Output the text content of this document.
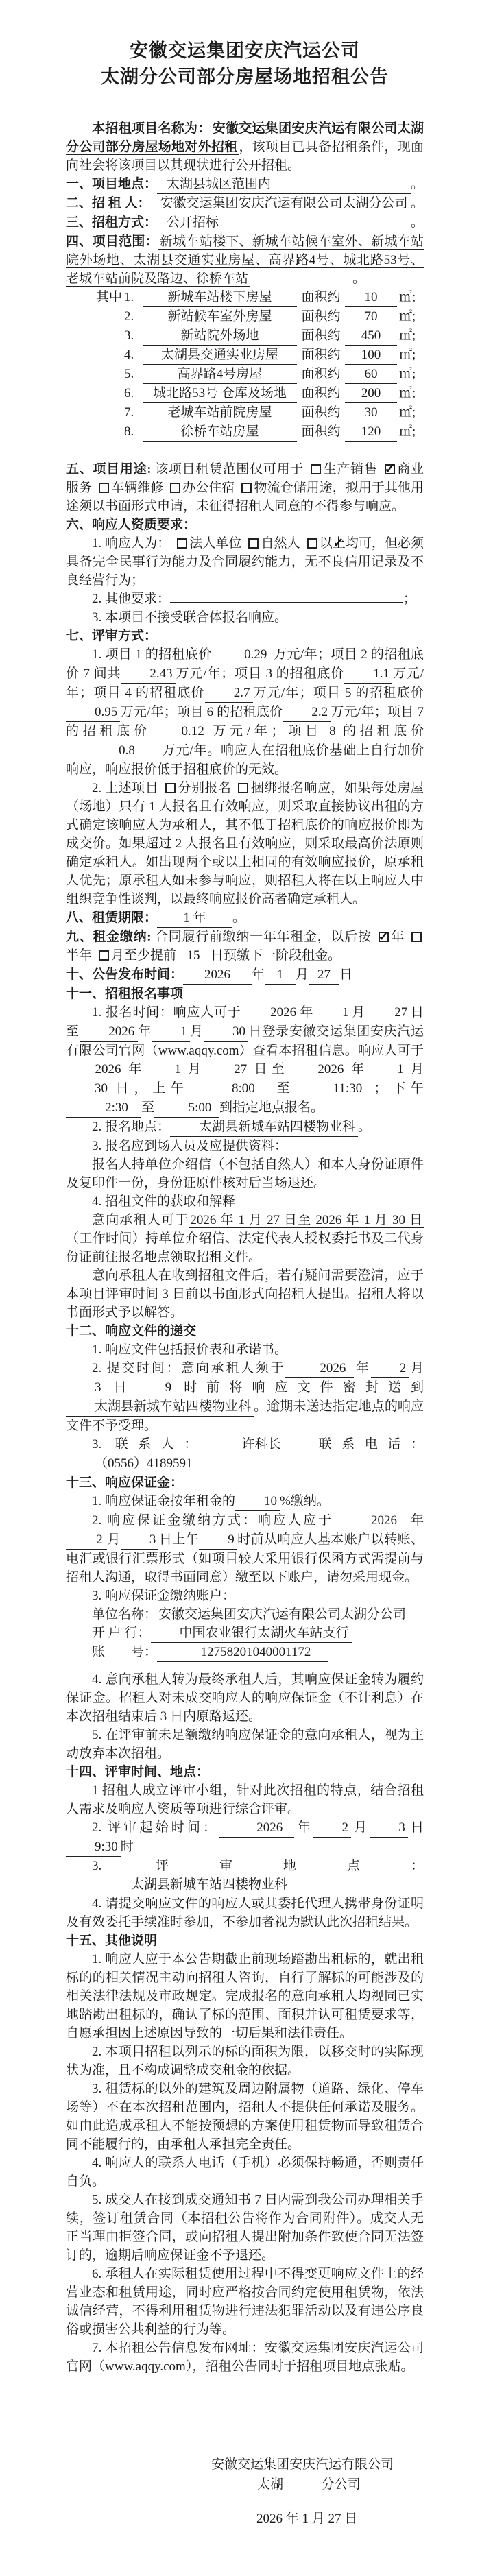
安徽交运集团安庆汽运公司
太湖分公司部分房屋场地招租公告

本招租项目名称为： 安徽交运集团安庆汽运有限公司太湖分公司部分房屋场地对外招租 ，该项目已具备招租条件，现面向社会将该项目以其现状进行公开招租。

一、项目地点： 太湖县城区范围内	。
二、招 租 人： 安徽交运集团安庆汽运有限公司太湖分公司 。
三、招租方式： 公开招标	。

四、项目范围： 新城车站楼下、新城车站候车室外、新城车站院外场地、太湖县交通实业房屋、高界路4号、城北路53号、老城车站前院及路边、徐桥车站	。

其中 1.	新城车站楼下房屋	面积约	10	㎡;
2.	新站候车室外房屋	面积约	70	㎡;
3.	新站院外场地	面积约	450	㎡;
4.	太湖县交通实业房屋	面积约	100	㎡;
5.	高界路4号房屋	面积约	60	㎡;
6.	城北路53号 仓库及场地	面积约	200	㎡;
7.	老城车站前院房屋	面积约	30	㎡;
8.	徐桥车站房屋	面积约	120	㎡;

五、项目用途: 该项目租赁范围仅可用于 生产销售 ✓ 商业服务 车辆维修 办公住宿 物流仓储用途，拟用于其他用途须以书面形式申请，未征得招租人同意的不得参与响应。

六、响应人资质要求：

1. 响应人为： 法人单位 自然人 ✓ 以上均可，但必须具备完全民事行为能力及合同履约能力，无不良信用记录及不良经营行为；

2. 其他要求：	；

3. 本项目不接受联合体报名响应。

七、评审方式：

1. 项目 1 的招租底价 0.29 万元/年；项目 2 的招租底价 7 间共 2.43 万元/年；项目 3 的招租底价 1.1 万元/年；项目 4 的招租底价 2.7 万元/年；项目 5 的招租底价0.95 万元/年；项目 6 的招租底价 2.2 万元/年；项目 7 的招租底价 0.12 万元/年；项目 8 的招租底价0.8 万元/年。响应人在招租底价基础上自行加价响应，响应报价低于招租底价的无效。

2. 上述项目 分别报名 捆绑报名响应，如果每处房屋（场地）只有 1 人报名且有效响应，则采取直接协议出租的方式确定该响应人为承租人，其不低于招租底价的响应报价即为成交价。如果超过 2 人报名且有效响应，则采取最高价法原则确定承租人。如出现两个或以上相同的有效响应报价，原承租人优先；原承租人如未参与响应，则招租人将在以上响应人中组织竞争性谈判，以最终响应报价高者确定承租人。

八、租赁期限： 1 年 。

九、租金缴纳: 合同履行前缴纳一年年租金，以后按 ✓ 年半年 月至少提前 15 日预缴下一阶段租金。

十、公告发布时间： 2026 年 1 月 27 日

十一、招租报名事项

1. 报名时间：响应人可于 2026 年 1 月 27 日至 2026 年 1 月 30 日登录安徽交运集团安庆汽运有限公司官网（www.aqqy.com）查看本招租信息。响应人可于2026 年 1 月 27 日至 2026 年 1 月30 日，上午	8:00 至	11:30 ；下午2:30 至	5:00 到指定地点报名。

2. 报名地点： 太湖县新城车站四楼物业科 。

3. 报名应到场人员及应提供资料：

报名人持单位介绍信（不包括自然人）和本人身份证原件及复印件一份，身份证原件核对后当场退还。

4. 招租文件的获取和解释

意向承租人可于 2026 年 1 月 27 日至 2026 年 1 月 30 日（工作时间）持单位介绍信、法定代表人授权委托书及二代身份证前往报名地点领取招租文件。

意向承租人在收到招租文件后，若有疑问需要澄清，应于本项目评审时间 3 日前以书面形式向招租人提出。招租人将以书面形式予以解答。

十二、响应文件的递交

1. 响应文件包括报价表和承诺书。

2. 提交时间：意向承租人须于	2026 年 2 月3 日 9 时前将响应文件密封送到太湖县新城车站四楼物业科 。逾期未送达指定地点的响应文件不予受理。

3. 联系人：	许科长 联系电话：（0556）4189591

十三、响应保证金：

1. 响应保证金按年租金的 10 %缴纳。

2. 响应保证金缴纳方式：响应人应于	2026 年2 月 3 日上午 9 时前从响应人基本账户以转账、电汇或银行汇票形式（如项目较大采用银行保函方式需提前与招租人沟通，取得书面同意）缴至以下账户，请勿采用现金。

3. 响应保证金缴纳账户：

单位名称： 安徽交运集团安庆汽运有限公司太湖分公司

开 户 行： 中国农业银行太湖火车站支行

账　　号：	12758201040001172

4. 意向承租人转为最终承租人后，其响应保证金转为履约保证金。招租人对未成交响应人的响应保证金（不计利息）在本次招租结束后 3 日内原路返还。

5. 在评审前未足额缴纳响应保证金的意向承租人，视为主动放弃本次招租。

十四、评审时间、地点：

1 招租人成立评审小组，针对此次招租的特点，结合招租人需求及响应人资质等项进行综合评审。

2. 评审起始时间：	2026 年 2 月 3 日9:30 时

3. 评审地点：太湖县新城车站四楼物业科

4. 请提交响应文件的响应人或其委托代理人携带身份证明及有效委托手续准时参加，不参加者视为默认此次招租结果。

十五、其他说明

1. 响应人应于本公告期截止前现场踏勘出租标的，就出租标的的相关情况主动向招租人咨询，自行了解标的可能涉及的相关法律法规及市政规定。完成报名的意向承租人均视同已实地踏勘出租标的，确认了标的范围、面积并认可租赁要求等，自愿承担因上述原因导致的一切后果和法律责任。

2. 本项目招租以列示的标的面积为限，以移交时的实际现状为准，且不构成调整成交租金的依据。

3. 租赁标的以外的建筑及周边附属物（道路、绿化、停车场等）不在本次招租范围内，招租人不提供任何承诺及服务。如由此造成承租人不能按预想的方案使用租赁物而导致租赁合同不能履行的，由承租人承担完全责任。

4. 响应人的联系人电话（手机）必须保持畅通，否则责任自负。

5. 成交人在接到成交通知书 7 日内需到我公司办理相关手续，签订租赁合同（本招租公告将作为合同附件）。成交人无正当理由拒签合同，或向招租人提出附加条件致使合同无法签订的，逾期后响应保证金不予退还。

6. 承租人在实际租赁使用过程中不得变更响应文件上的经营业态和租赁用途，同时应严格按合同约定使用租赁物，依法诚信经营，不得利用租赁物进行违法犯罪活动以及有违公序良俗或损害公共利益的行为等。

7. 本招租公告信息发布网址：安徽交运集团安庆汽运公司官网（www.aqqy.com），招租公告同时于招租项目地点张贴。

安徽交运集团安庆汽运有限公司
太湖	分公司
2026 年 1 月 27 日
